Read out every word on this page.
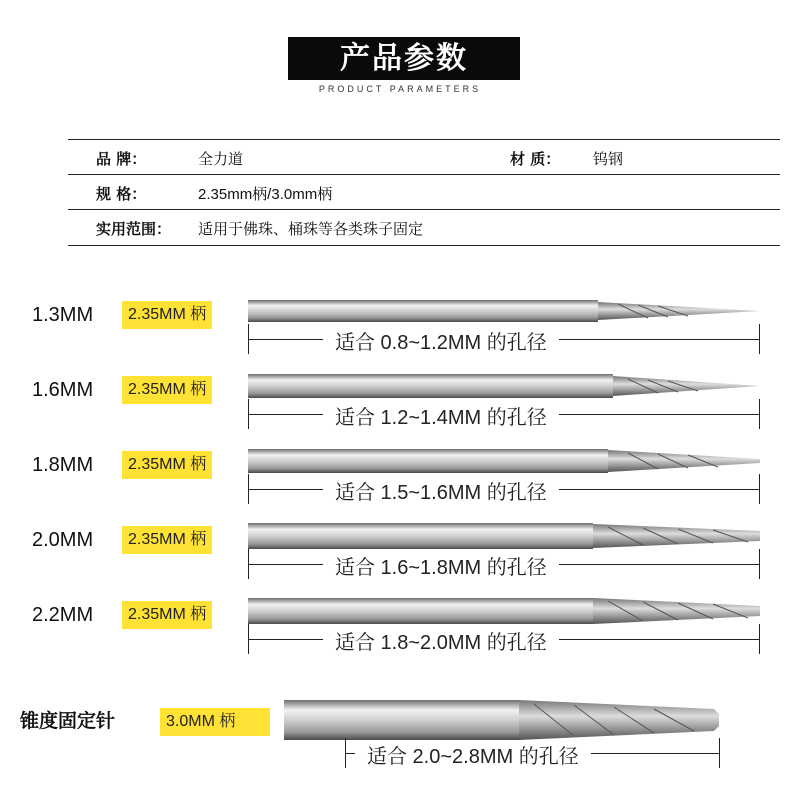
产品参数
PRODUCT PARAMETERS
品 牌：	全力道	材 质： 钨钢
规 格：	2.35mm柄/3.0mm柄
实用范围： 适用于佛珠、桶珠等各类珠子固定
1.3MM	2.35MM 柄
适合 0.8~1.2MM 的孔径
1.6MM	2.35MM 柄
适合 1.2~1.4MM 的孔径
1.8MM	2.35MM 柄
适合 1.5~1.6MM 的孔径
2.0MM	2.35MM 柄
适合 1.6~1.8MM 的孔径
2.2MM	2.35MM 柄
适合 1.8~2.0MM 的孔径
锥度固定针	3.0MM 柄
适合 2.0~2.8MM 的孔径
